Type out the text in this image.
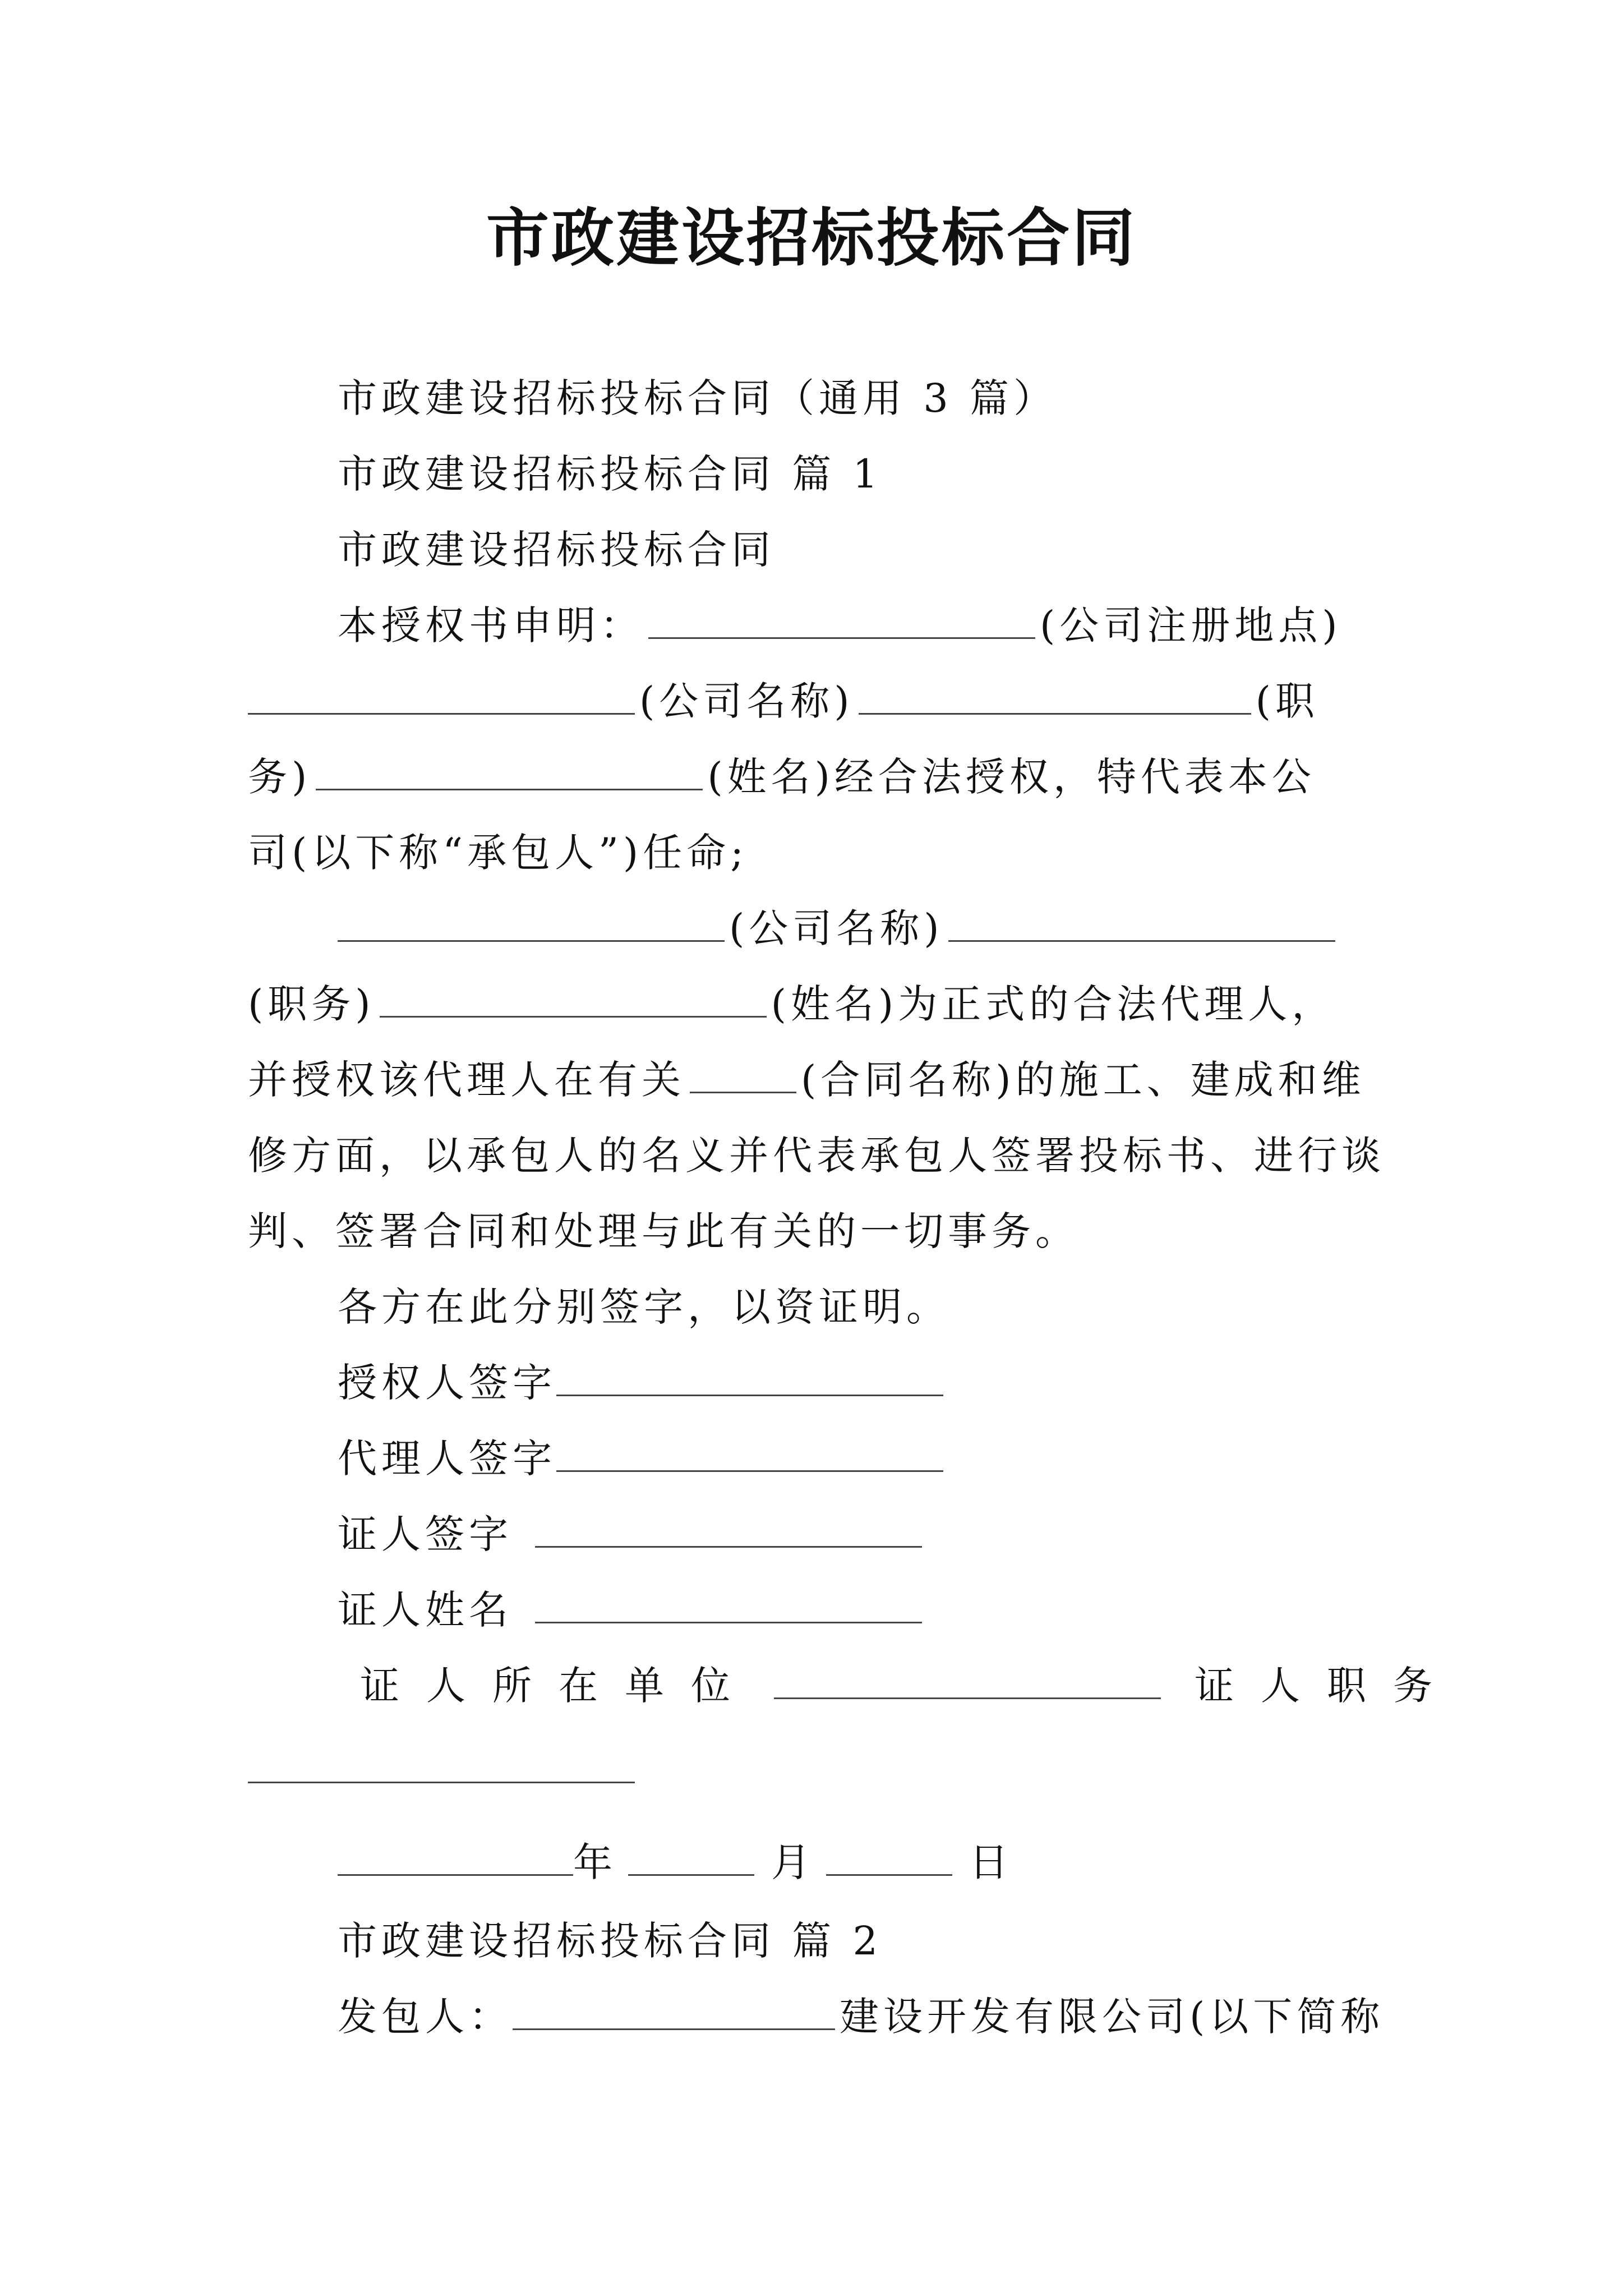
市政建设招标投标合同
市政建设招标投标合同（通用 3 篇）
市政建设招标投标合同 篇 1
市政建设招标投标合同
本授权书申明：	(公司注册地点)
(公司名称)	(职
务)	(姓名)经合法授权，特代表本公
司(以下称“承包人”)任命;
(公司名称)
(职务)	(姓名)为正式的合法代理人，
并授权该代理人在有关	(合同名称)的施工、建成和维
修方面，以承包人的名义并代表承包人签署投标书、进行谈
判、签署合同和处理与此有关的一切事务。
各方在此分别签字，以资证明。
授权人签字
代理人签字
证人签字
证人姓名
证人所在单位	证人职务
年	月	日
市政建设招标投标合同 篇 2
发包人：	建设开发有限公司(以下简称
